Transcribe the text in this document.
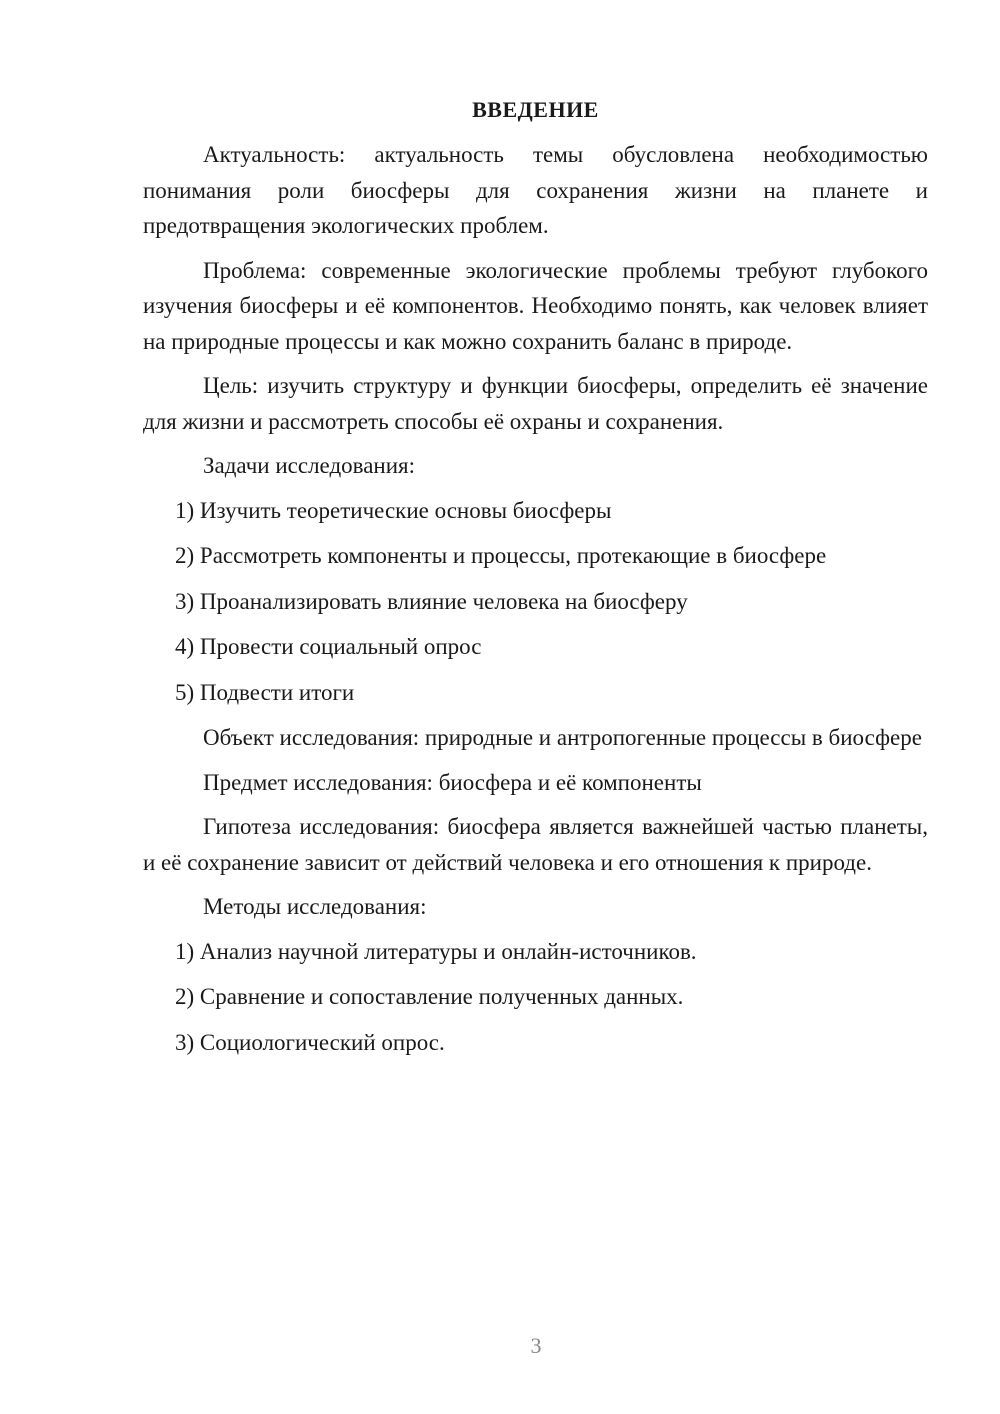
ВВЕДЕНИЕ

Актуальность: актуальность темы обусловлена необходимостью понимания роли биосферы для сохранения жизни на планете и предотвращения экологических проблем.

Проблема: современные экологические проблемы требуют глубокого изучения биосферы и её компонентов. Необходимо понять, как человек влияет на природные процессы и как можно сохранить баланс в природе.

Цель: изучить структуру и функции биосферы, определить её значение для жизни и рассмотреть способы её охраны и сохранения.

Задачи исследования:

1) Изучить теоретические основы биосферы
2) Рассмотреть компоненты и процессы, протекающие в биосфере
3) Проанализировать влияние человека на биосферу
4) Провести социальный опрос
5) Подвести итоги

Объект исследования: природные и антропогенные процессы в биосфере

Предмет исследования: биосфера и её компоненты

Гипотеза исследования: биосфера является важнейшей частью планеты, и её сохранение зависит от действий человека и его отношения к природе.

Методы исследования:

1) Анализ научной литературы и онлайн-источников.
2) Сравнение и сопоставление полученных данных.
3) Социологический опрос.
3
